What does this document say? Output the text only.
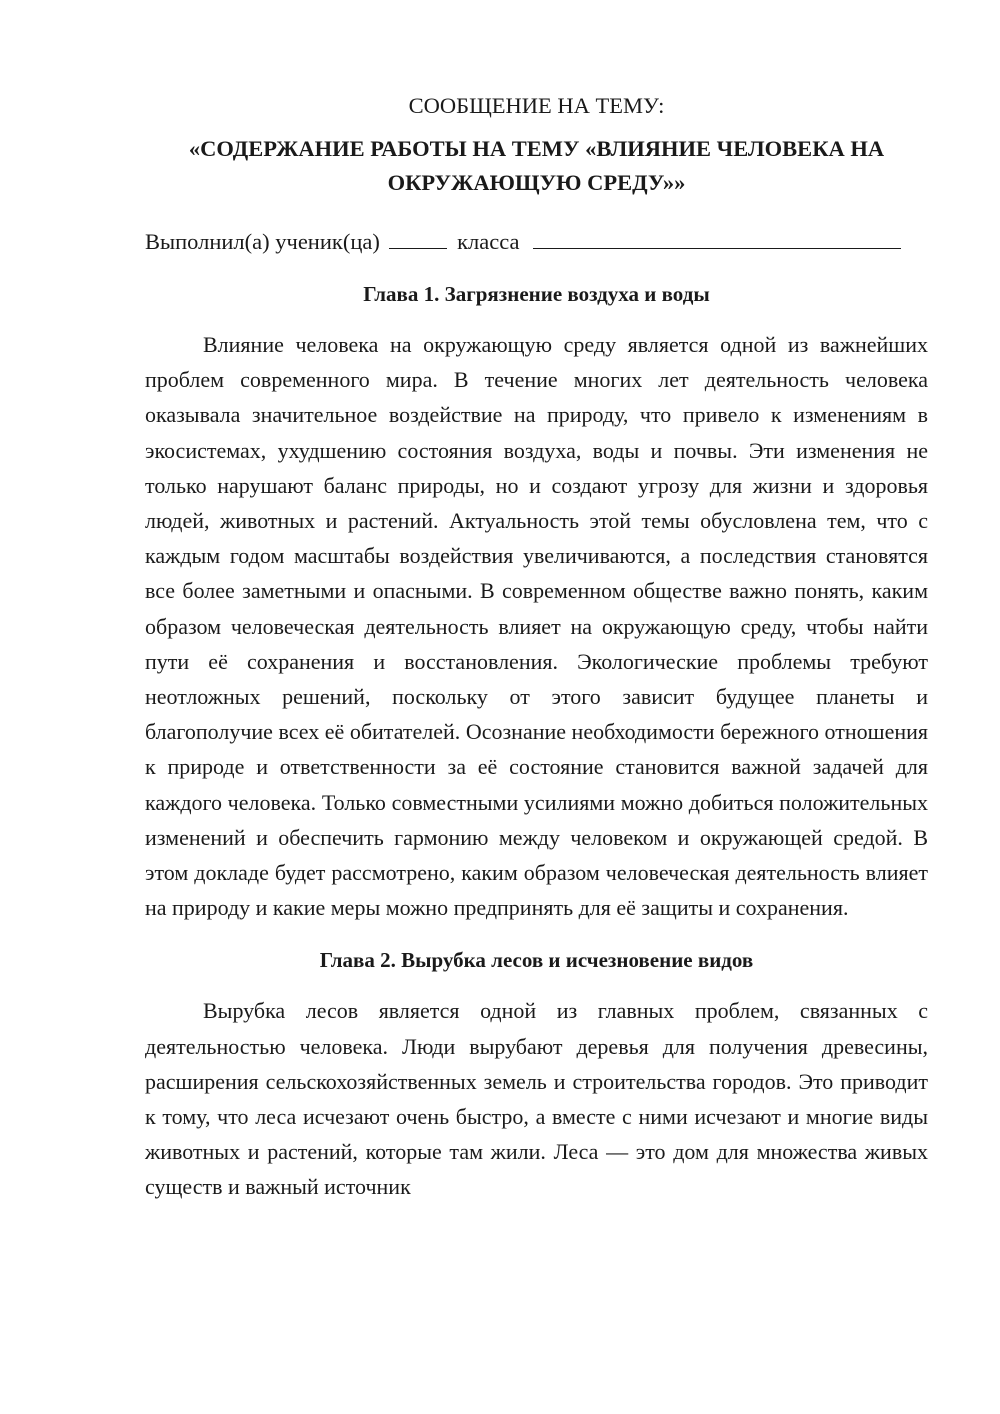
СООБЩЕНИЕ НА ТЕМУ:
«СОДЕРЖАНИЕ РАБОТЫ НА ТЕМУ «ВЛИЯНИЕ ЧЕЛОВЕКА НА ОКРУЖАЮЩУЮ СРЕДУ»»
Выполнил(а) ученик(ца)	класса
Глава 1. Загрязнение воздуха и воды

Влияние человека на окружающую среду является одной из важнейших проблем современного мира. В течение многих лет деятельность человека оказывала значительное воздействие на природу, что привело к изменениям в экосистемах, ухудшению состояния воздуха, воды и почвы. Эти изменения не только нарушают баланс природы, но и создают угрозу для жизни и здоровья людей, животных и растений. Актуальность этой темы обусловлена тем, что с каждым годом масштабы воздействия увеличиваются, а последствия становятся все более заметными и опасными. В современном обществе важно понять, каким образом человеческая деятельность влияет на окружающую среду, чтобы найти пути её сохранения и восстановления. Экологические проблемы требуют неотложных решений, поскольку от этого зависит будущее планеты и благополучие всех её обитателей. Осознание необходимости бережного отношения к природе и ответственности за её состояние становится важной задачей для каждого человека. Только совместными усилиями можно добиться положительных изменений и обеспечить гармонию между человеком и окружающей средой. В этом докладе будет рассмотрено, каким образом человеческая деятельность влияет на природу и какие меры можно предпринять для её защиты и сохранения.

Глава 2. Вырубка лесов и исчезновение видов

Вырубка лесов является одной из главных проблем, связанных с деятельностью человека. Люди вырубают деревья для получения древесины, расширения сельскохозяйственных земель и строительства городов. Это приводит к тому, что леса исчезают очень быстро, а вместе с ними исчезают и многие виды животных и растений, которые там жили. Леса — это дом для множества живых существ и важный источник
